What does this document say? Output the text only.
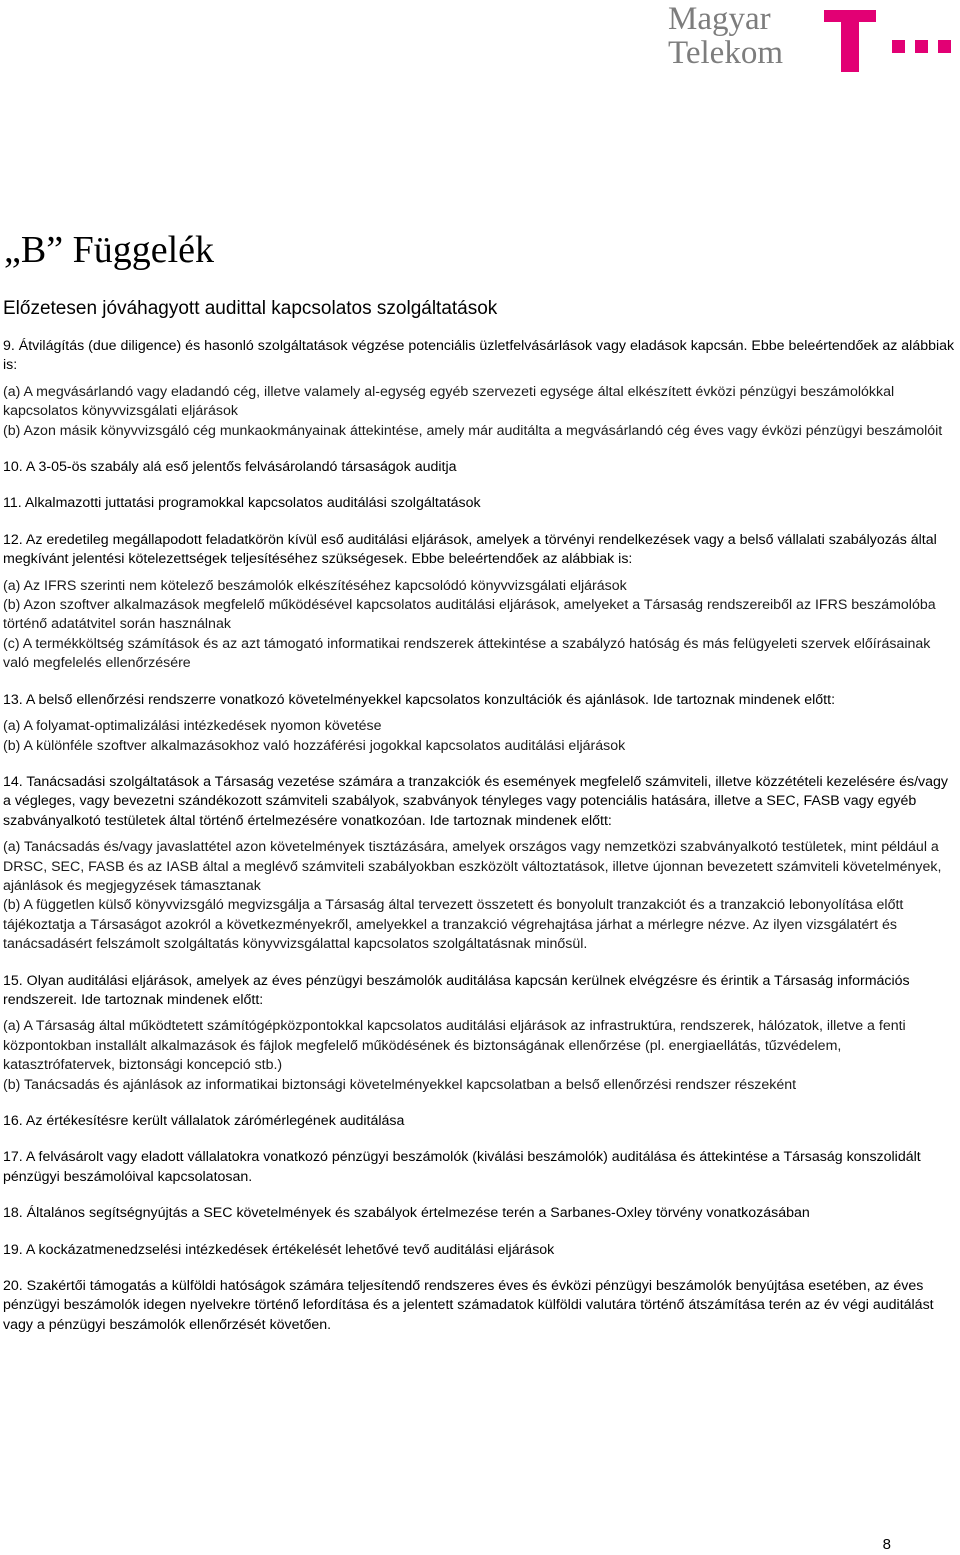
Magyar
Telekom
„B” Függelék
Előzetesen jóváhagyott audittal kapcsolatos szolgáltatások

9. Átvilágítás (due diligence) és hasonló szolgáltatások végzése potenciális üzletfelvásárlások vagy eladások kapcsán. Ebbe beleértendőek az alábbiak is:

(a) A megvásárlandó vagy eladandó cég, illetve valamely al-egység egyéb szervezeti egysége által elkészített évközi pénzügyi beszámolókkal kapcsolatos könyvvizsgálati eljárások

(b) Azon másik könyvvizsgáló cég munkaokmányainak áttekintése, amely már auditálta a megvásárlandó cég éves vagy évközi pénzügyi beszámolóit

10. A 3-05-ös szabály alá eső jelentős felvásárolandó társaságok auditja

11. Alkalmazotti juttatási programokkal kapcsolatos auditálási szolgáltatások

12. Az eredetileg megállapodott feladatkörön kívül eső auditálási eljárások, amelyek a törvényi rendelkezések vagy a belső vállalati szabályozás által megkívánt jelentési kötelezettségek teljesítéséhez szükségesek. Ebbe beleértendőek az alábbiak is:

(a) Az IFRS szerinti nem kötelező beszámolók elkészítéséhez kapcsolódó könyvvizsgálati eljárások

(b) Azon szoftver alkalmazások megfelelő működésével kapcsolatos auditálási eljárások, amelyeket a Társaság rendszereiből az IFRS beszámolóba történő adatátvitel során használnak

(c) A termékköltség számítások és az azt támogató informatikai rendszerek áttekintése a szabályzó hatóság és más felügyeleti szervek előírásainak való megfelelés ellenőrzésére

13. A belső ellenőrzési rendszerre vonatkozó követelményekkel kapcsolatos konzultációk és ajánlások. Ide tartoznak mindenek előtt:

(a) A folyamat-optimalizálási intézkedések nyomon követése

(b) A különféle szoftver alkalmazásokhoz való hozzáférési jogokkal kapcsolatos auditálási eljárások

14. Tanácsadási szolgáltatások a Társaság vezetése számára a tranzakciók és események megfelelő számviteli, illetve közzétételi kezelésére és/vagy a végleges, vagy bevezetni szándékozott számviteli szabályok, szabványok tényleges vagy potenciális hatására, illetve a SEC, FASB vagy egyéb szabványalkotó testületek által történő értelmezésére vonatkozóan. Ide tartoznak mindenek előtt:

(a) Tanácsadás és/vagy javaslattétel azon követelmények tisztázására, amelyek országos vagy nemzetközi szabványalkotó testületek, mint például a DRSC, SEC, FASB és az IASB által a meglévő számviteli szabályokban eszközölt változtatások, illetve újonnan bevezetett számviteli követelmények, ajánlások és megjegyzések támasztanak

(b) A független külső könyvvizsgáló megvizsgálja a Társaság által tervezett összetett és bonyolult tranzakciót és a tranzakció lebonyolítása előtt tájékoztatja a Társaságot azokról a következményekről, amelyekkel a tranzakció végrehajtása járhat a mérlegre nézve. Az ilyen vizsgálatért és tanácsadásért felszámolt szolgáltatás könyvvizsgálattal kapcsolatos szolgáltatásnak minősül.

15. Olyan auditálási eljárások, amelyek az éves pénzügyi beszámolók auditálása kapcsán kerülnek elvégzésre és érintik a Társaság információs rendszereit. Ide tartoznak mindenek előtt:

(a) A Társaság által működtetett számítógépközpontokkal kapcsolatos auditálási eljárások az infrastruktúra, rendszerek, hálózatok, illetve a fenti központokban installált alkalmazások és fájlok megfelelő működésének és biztonságának ellenőrzése (pl. energiaellátás, tűzvédelem, katasztrófatervek, biztonsági koncepció stb.)

(b) Tanácsadás és ajánlások az informatikai biztonsági követelményekkel kapcsolatban a belső ellenőrzési rendszer részeként

16. Az értékesítésre került vállalatok zárómérlegének auditálása

17. A felvásárolt vagy eladott vállalatokra vonatkozó pénzügyi beszámolók (kiválási beszámolók) auditálása és áttekintése a Társaság konszolidált pénzügyi beszámolóival kapcsolatosan.

18. Általános segítségnyújtás a SEC követelmények és szabályok értelmezése terén a Sarbanes-Oxley törvény vonatkozásában

19. A kockázatmenedzselési intézkedések értékelését lehetővé tevő auditálási eljárások

20. Szakértői támogatás a külföldi hatóságok számára teljesítendő rendszeres éves és évközi pénzügyi beszámolók benyújtása esetében, az éves pénzügyi beszámolók idegen nyelvekre történő lefordítása és a jelentett számadatok külföldi valutára történő átszámítása terén az év végi auditálást vagy a pénzügyi beszámolók ellenőrzését követően.

8
